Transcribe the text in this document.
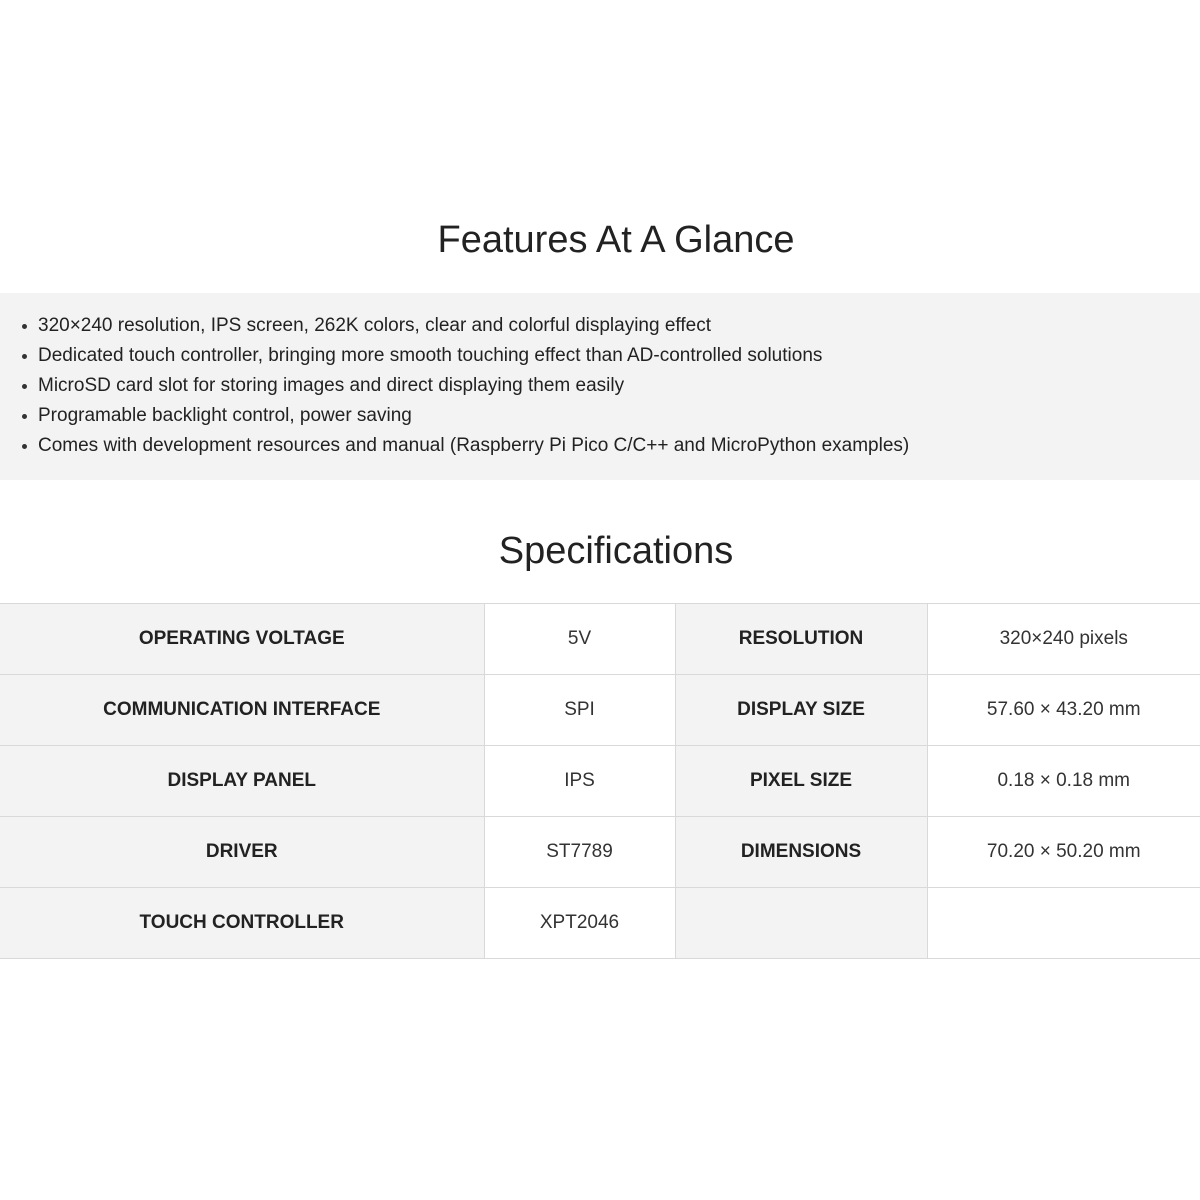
Features At A Glance
320×240 resolution, IPS screen, 262K colors, clear and colorful displaying effect
Dedicated touch controller, bringing more smooth touching effect than AD-controlled solutions
MicroSD card slot for storing images and direct displaying them easily
Programable backlight control, power saving
Comes with development resources and manual (Raspberry Pi Pico C/C++ and MicroPython examples)
Specifications
OPERATING VOLTAGE	5V	RESOLUTION	320×240 pixels
COMMUNICATION INTERFACE	SPI	DISPLAY SIZE	57.60 × 43.20 mm
DISPLAY PANEL	IPS	PIXEL SIZE	0.18 × 0.18 mm
DRIVER	ST7789	DIMENSIONS	70.20 × 50.20 mm
TOUCH CONTROLLER	XPT2046		
